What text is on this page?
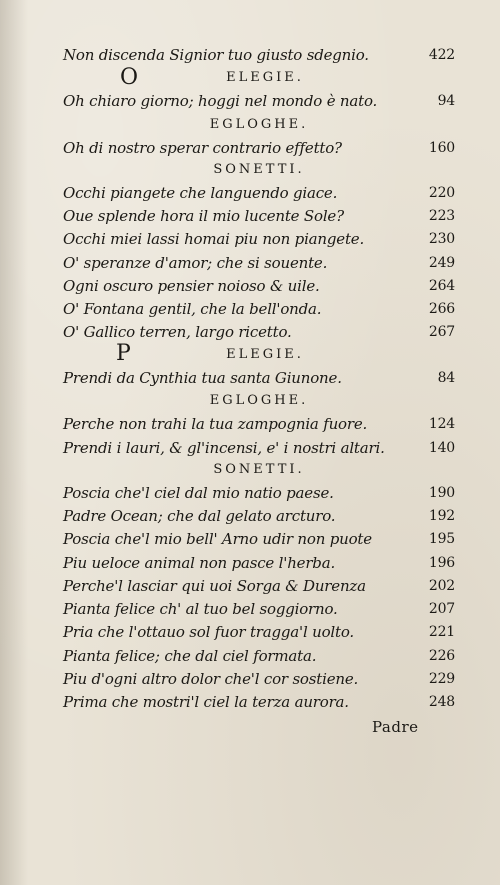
Non discenda Signior tuo giusto sdegnio.	422
O	ELEGIE.
Oh chiaro giorno; hoggi nel mondo è nato.	94
EGLOGHE.
Oh di nostro sperar contrario effetto?	160
SONETTI.
Occhi piangete che languendo giace.	220
Oue splende hora il mio lucente Sole?	223
Occhi miei lassi homai piu non piangete.	230
O' speranze d'amor; che si souente.	249
Ogni oscuro pensier noioso & uile.	264
O' Fontana gentil, che la bell'onda.	266
O' Gallico terren, largo ricetto.	267
P	ELEGIE.
Prendi da Cynthia tua santa Giunone.	84
EGLOGHE.
Perche non trahi la tua zampognia fuore.	124
Prendi i lauri, & gl'incensi, e' i nostri altari.	140
SONETTI.
Poscia che'l ciel dal mio natio paese.	190
Padre Ocean; che dal gelato arcturo.	192
Poscia che'l mio bell' Arno udir non puote	195
Piu ueloce animal non pasce l'herba.	196
Perche'l lasciar qui uoi Sorga & Durenza	202
Pianta felice ch' al tuo bel soggiorno.	207
Pria che l'ottauo sol fuor tragga'l uolto.	221
Pianta felice; che dal ciel formata.	226
Piu d'ogni altro dolor che'l cor sostiene.	229
Prima che mostri'l ciel la terza aurora.	248
Padre
